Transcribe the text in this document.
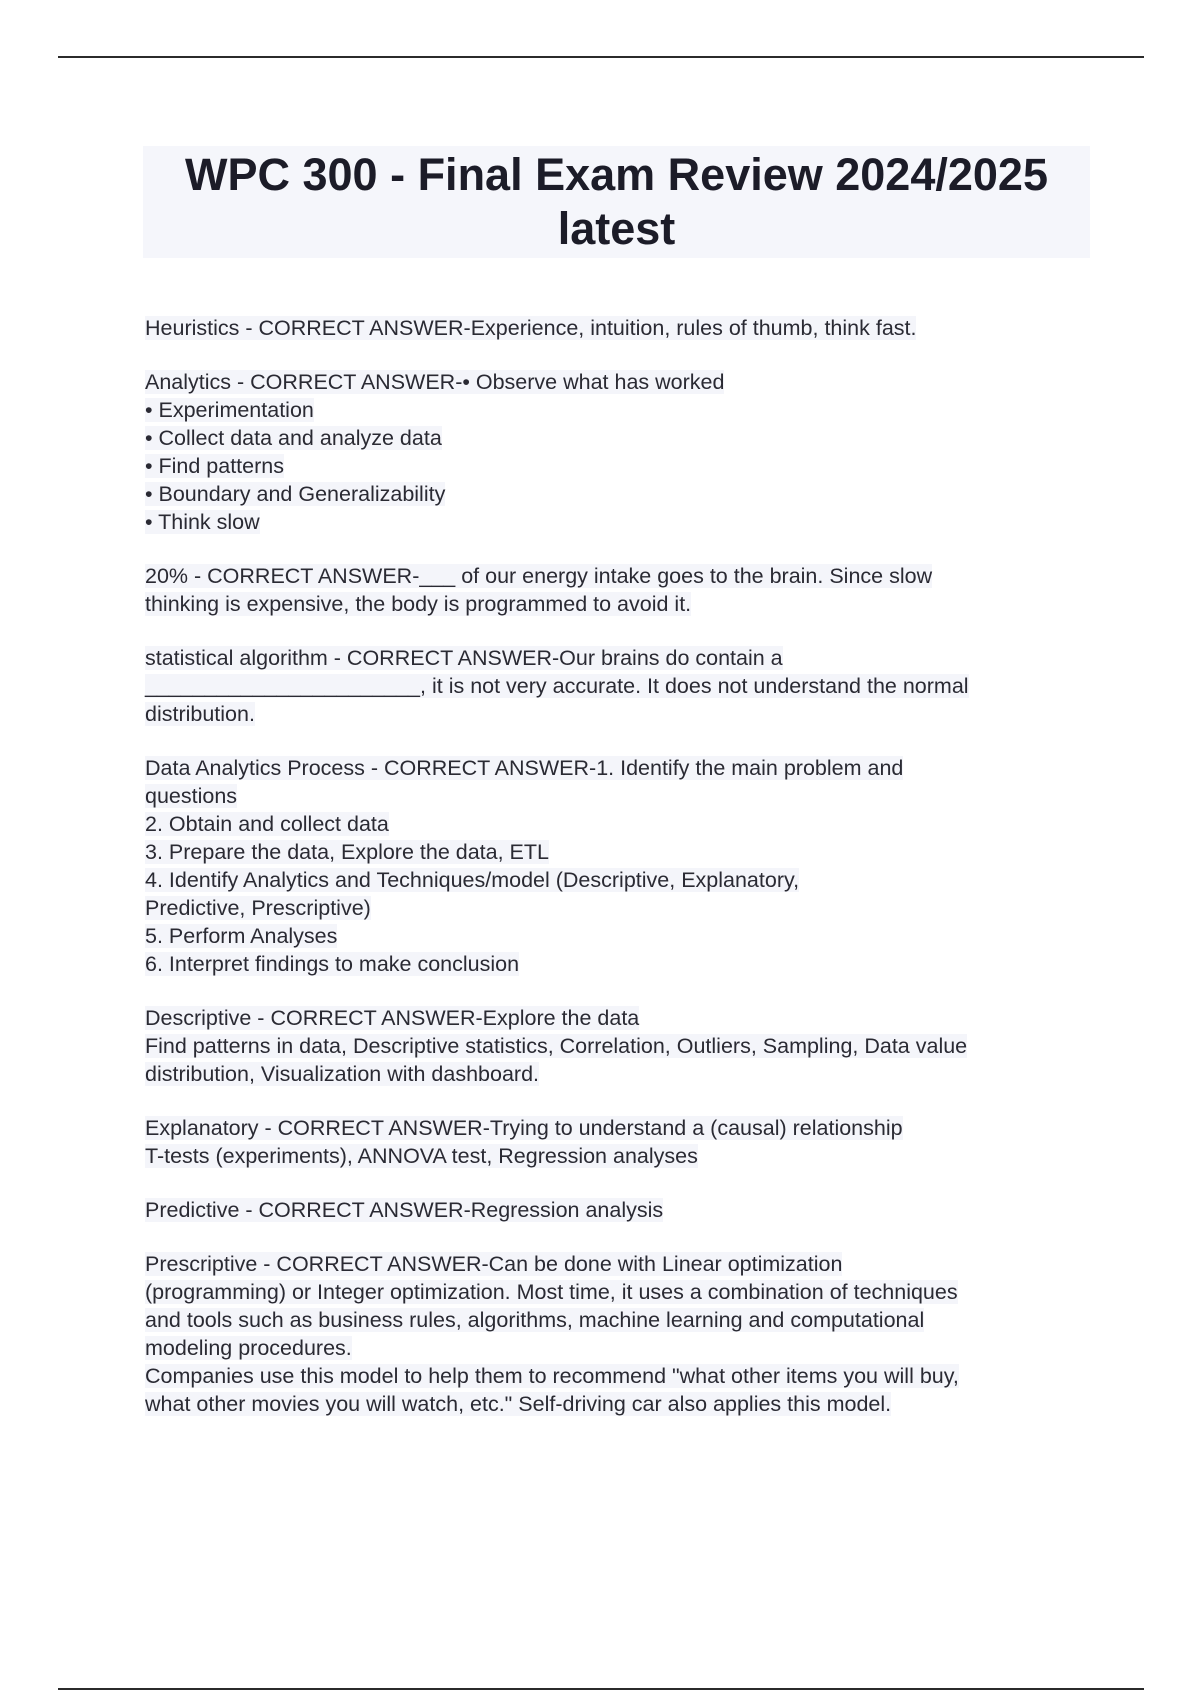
WPC 300 - Final Exam Review 2024/2025
latest
Heuristics - CORRECT ANSWER-Experience, intuition, rules of thumb, think fast.
Analytics - CORRECT ANSWER-• Observe what has worked
• Experimentation
• Collect data and analyze data
• Find patterns
• Boundary and Generalizability
• Think slow
20% - CORRECT ANSWER-___ of our energy intake goes to the brain. Since slow
thinking is expensive, the body is programmed to avoid it.
statistical algorithm - CORRECT ANSWER-Our brains do contain a
_______________________, it is not very accurate. It does not understand the normal
distribution.
Data Analytics Process - CORRECT ANSWER-1. Identify the main problem and
questions
2. Obtain and collect data
3. Prepare the data, Explore the data, ETL
4. Identify Analytics and Techniques/model (Descriptive, Explanatory,
Predictive, Prescriptive)
5. Perform Analyses
6. Interpret findings to make conclusion
Descriptive - CORRECT ANSWER-Explore the data
Find patterns in data, Descriptive statistics, Correlation, Outliers, Sampling, Data value
distribution, Visualization with dashboard.
Explanatory - CORRECT ANSWER-Trying to understand a (causal) relationship
T-tests (experiments), ANNOVA test, Regression analyses
Predictive - CORRECT ANSWER-Regression analysis
Prescriptive - CORRECT ANSWER-Can be done with Linear optimization
(programming) or Integer optimization. Most time, it uses a combination of techniques
and tools such as business rules, algorithms, machine learning and computational
modeling procedures.
Companies use this model to help them to recommend "what other items you will buy,
what other movies you will watch, etc." Self-driving car also applies this model.
